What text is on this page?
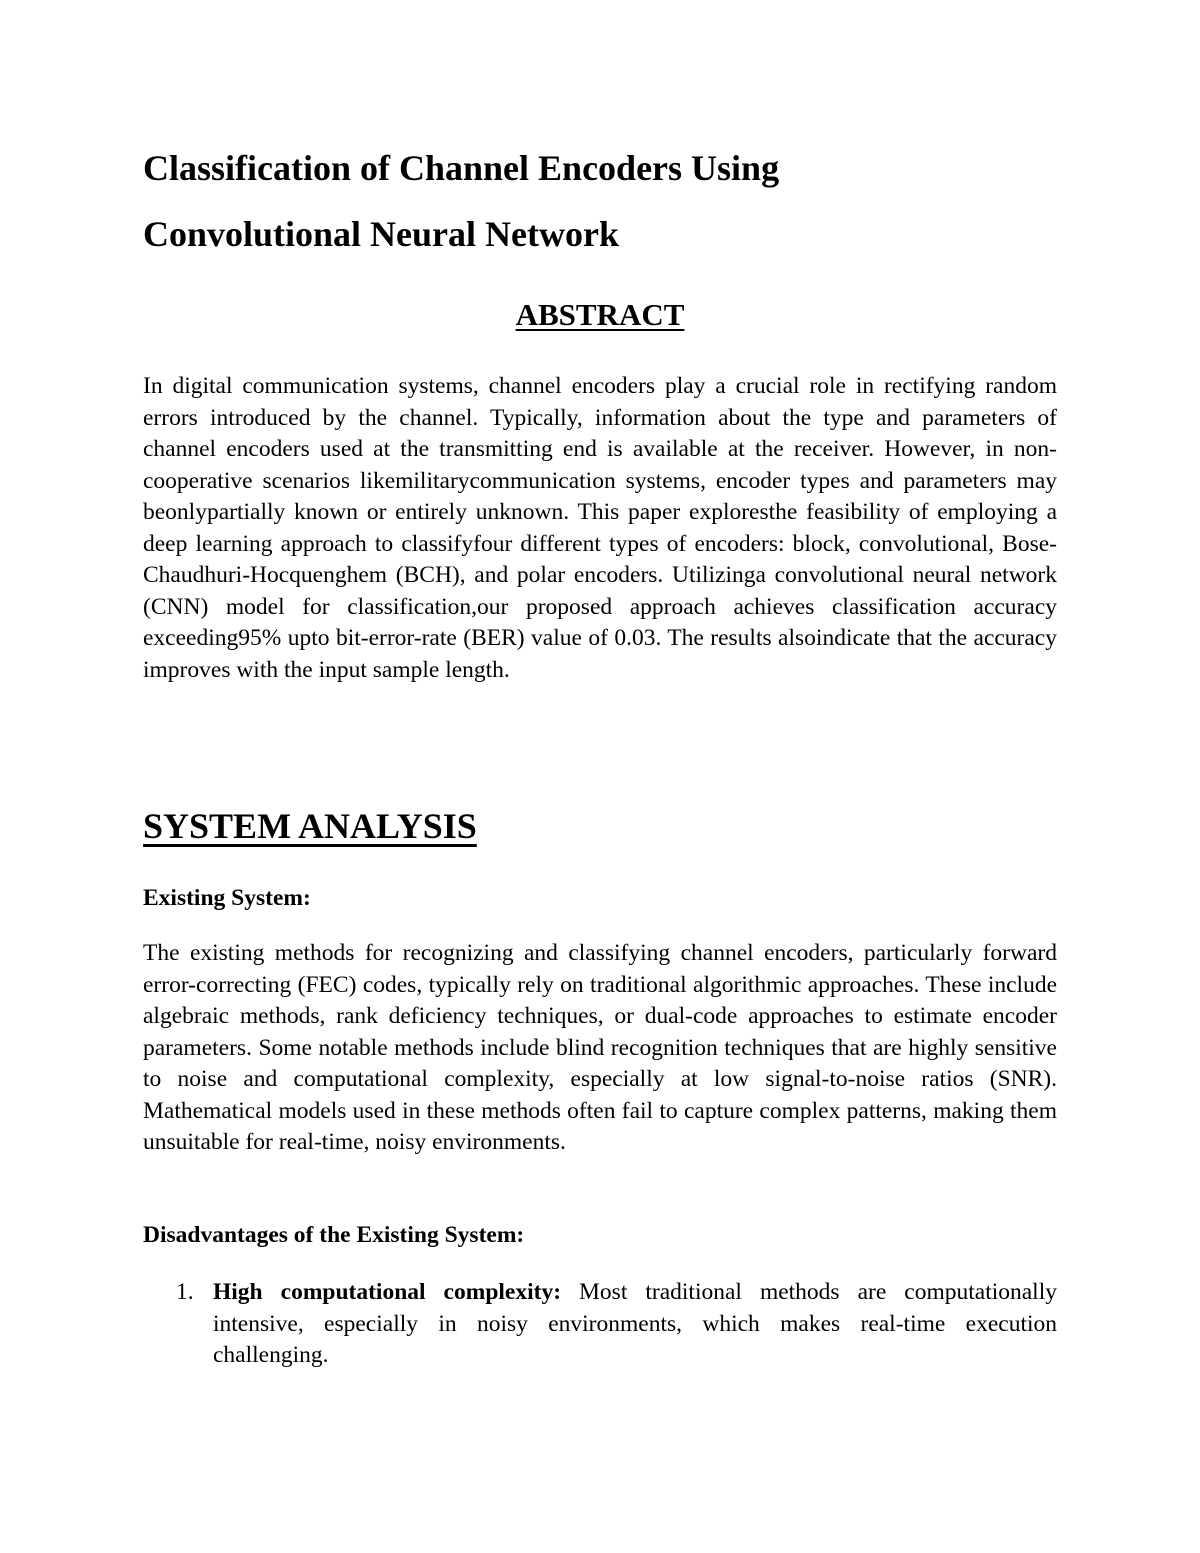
Classification of Channel Encoders Using
Convolutional Neural Network
ABSTRACT

In digital communication systems, channel encoders play a crucial role in rectifying random errors introduced by the channel. Typically, information about the type and parameters of channel encoders used at the transmitting end is available at the receiver. However, in non-cooperative scenarios likemilitarycommunication systems, encoder types and parameters may beonlypartially known or entirely unknown. This paper exploresthe feasibility of employing a deep learning approach to classifyfour different types of encoders: block, convolutional, Bose-Chaudhuri-Hocquenghem (BCH), and polar encoders. Utilizinga convolutional neural network (CNN) model for classification,our proposed approach achieves classification accuracy exceeding95% upto bit-error-rate (BER) value of 0.03. The results alsoindicate that the accuracy improves with the input sample length.

SYSTEM ANALYSIS
Existing System:

The existing methods for recognizing and classifying channel encoders, particularly forward error-correcting (FEC) codes, typically rely on traditional algorithmic approaches. These include algebraic methods, rank deficiency techniques, or dual-code approaches to estimate encoder parameters. Some notable methods include blind recognition techniques that are highly sensitive to noise and computational complexity, especially at low signal-to-noise ratios (SNR). Mathematical models used in these methods often fail to capture complex patterns, making them unsuitable for real-time, noisy environments.

Disadvantages of the Existing System:
1. High computational complexity: Most traditional methods are computationally intensive, especially in noisy environments, which makes real-time execution challenging.
